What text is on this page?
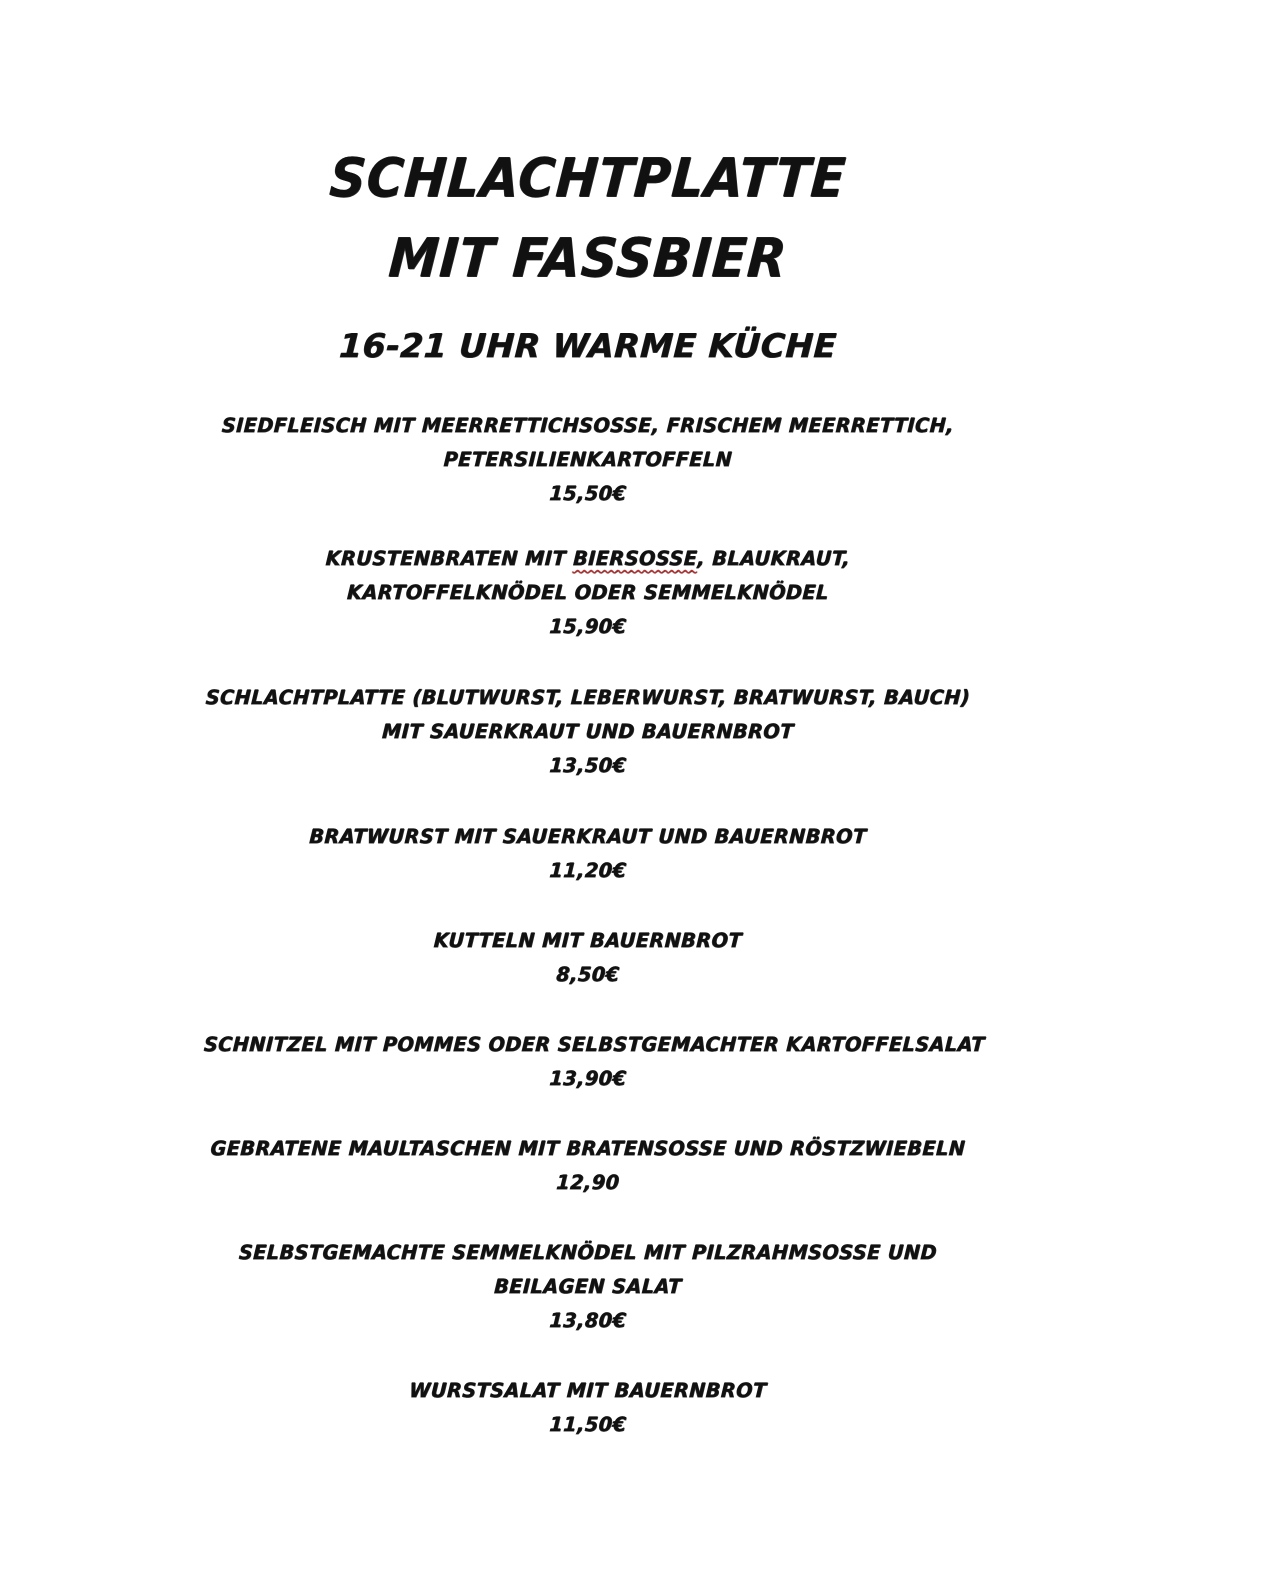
SCHLACHTPLATTE
MIT FASSBIER
16-21 UHR WARME KÜCHE
SIEDFLEISCH MIT MEERRETTICHSOSSE, FRISCHEM MEERRETTICH,
PETERSILIENKARTOFFELN
15,50€
KRUSTENBRATEN MIT BIERSOSSE, BLAUKRAUT,
KARTOFFELKNÖDEL ODER SEMMELKNÖDEL
15,90€
SCHLACHTPLATTE (BLUTWURST, LEBERWURST, BRATWURST, BAUCH)
MIT SAUERKRAUT UND BAUERNBROT
13,50€
BRATWURST MIT SAUERKRAUT UND BAUERNBROT
11,20€
KUTTELN MIT BAUERNBROT
8,50€
SCHNITZEL MIT POMMES ODER SELBSTGEMACHTER KARTOFFELSALAT
13,90€
GEBRATENE MAULTASCHEN MIT BRATENSOSSE UND RÖSTZWIEBELN
12,90
SELBSTGEMACHTE SEMMELKNÖDEL MIT PILZRAHMSOSSE UND
BEILAGEN SALAT
13,80€
WURSTSALAT MIT BAUERNBROT
11,50€
